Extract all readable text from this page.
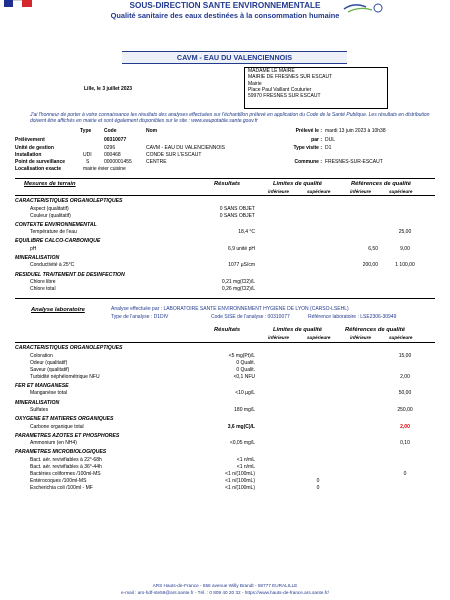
SOUS-DIRECTION SANTE ENVIRONNEMENTALE
Qualité sanitaire des eaux destinées à la consommation humaine
CAVM - EAU DU VALENCIENNOIS
MADAME LE MAIRE
MAIRIE DE FRESNES SUR ESCAUT
Mairie
Place Paul Vaillant Couturier
59970 FRESNES SUR ESCAUT
Lille, le 3 juillet 2023
J'ai l'honneur de porter à votre connaissance les résultats des analyses effectuées sur l'échantillon prélevé en application du Code de la Santé Publique. Les résultats en distribution doivent être affichés en mairie et sont également disponibles sur le site : www.eaupotable.sante.gouv.fr
Type	Code	Nom
Prélèvement	00310077
Unité de gestion	0296	CAVM - EAU DU VALENCIENNOIS
Installation	UDI 000468	CONDE SUR L'ESCAUT
Point de surveillance	S	0000001455	CENTRE
Localisation exacte	mairie évier cuisine
Prélevé le : mardi 13 juin 2023 à 10h38
par : DUL
Type visite : D1
Commune : FRESNES-SUR-ESCAUT
Mesures de terrain	Résultats	Limites de qualité	Références de qualité
inférieure	supérieure	inférieure	supérieure
CARACTERISTIQUES ORGANOLEPTIQUES
Aspect (qualitatif)	0 SANS OBJET
Couleur (qualitatif)	0 SANS OBJET
CONTEXTE ENVIRONNEMENTAL
Température de l'eau	18,4 °C	25,00
EQUILIBRE CALCO-CARBONIQUE
pH	6,9 unité pH	6,50	9,00
MINERALISATION
Conductivité à 25°C	1077 µS/cm	200,00	1 100,00
RESIDUEL TRAITEMENT DE DESINFECTION
Chlore libre	0,21 mg(Cl2)/L
Chlore total	0,26 mg(Cl2)/L
Analyse laboratoire	Analyse effectuée par : LABORATOIRE SANTE ENVIRONNEMENT HYGIENE DE LYON (CARSO-LSEHL)
Type de l'analyse : D1DIV	Code SISE de l'analyse : 00310077	Référence laboratoire : LSE2306-30949
Résultats	Limites de qualité	Références de qualité
inférieure	supérieure	inférieure	supérieure
CARACTERISTIQUES ORGANOLEPTIQUES
Coloration	<5 mg(Pt)/L	15,00
Odeur (qualitatif)	0 Qualit.
Saveur (qualitatif)	0 Qualit.
Turbidité néphélométrique NFU	<0,1 NFU	2,00
FER ET MANGANESE
Manganèse total	<10 µg/L	50,00
MINERALISATION
Sulfates	180 mg/L	250,00
OXYGENE ET MATIERES ORGANIQUES
Carbone organique total	3,6 mg(C)/L	2,00
PARAMETRES AZOTES ET PHOSPHORES
Ammonium (en NH4)	<0,05 mg/L	0,10
PARAMETRES MICROBIOLOGIQUES
Bact. aér. revivifiables à 22°-68h	<1 n/mL
Bact. aér. revivifiables à 36°-44h	<1 n/mL
Bactéries coliformes /100ml-MS	<1 n/(100mL)	0
Entérocoques /100ml-MS	<1 n/(100mL)	0
Escherichia coli /100ml - MF	<1 n/(100mL)	0
ARS Hauts-de-France - 556 avenue Willy Brandt - 59777 EURALILLE
e-mail : ars-hdf-ste59@ars.sante.fr - Tél. : 0 809 40 20 32 - https://www.hauts-de-france.ars.sante.fr/
